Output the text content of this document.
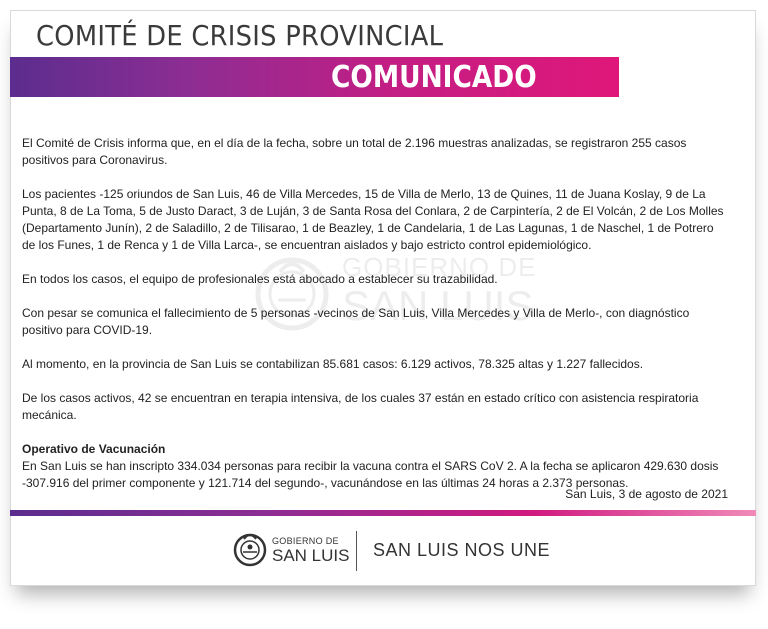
COMITÉ DE CRISIS PROVINCIAL
COMUNICADO
GOBIERNO DE
SAN LUIS

El Comité de Crisis informa que, en el día de la fecha, sobre un total de 2.196 muestras analizadas, se registraron 255 casos positivos para Coronavirus.

Los pacientes -125 oriundos de San Luis, 46 de Villa Mercedes, 15 de Villa de Merlo, 13 de Quines, 11 de Juana Koslay, 9 de La Punta, 8 de La Toma, 5 de Justo Daract, 3 de Luján, 3 de Santa Rosa del Conlara, 2 de Carpintería, 2 de El Volcán, 2 de Los Molles (Departamento Junín), 2 de Saladillo, 2 de Tilisarao, 1 de Beazley, 1 de Candelaria, 1 de Las Lagunas, 1 de Naschel, 1 de Potrero de los Funes, 1 de Renca y 1 de Villa Larca-, se encuentran aislados y bajo estricto control epidemiológico.

En todos los casos, el equipo de profesionales está abocado a establecer su trazabilidad.

Con pesar se comunica el fallecimiento de 5 personas -vecinos de San Luis, Villa Mercedes y Villa de Merlo-, con diagnóstico positivo para COVID-19.

Al momento, en la provincia de San Luis se contabilizan 85.681 casos: 6.129 activos, 78.325 altas y 1.227 fallecidos.

De los casos activos, 42 se encuentran en terapia intensiva, de los cuales 37 están en estado crítico con asistencia respiratoria mecánica.

Operativo de Vacunación

En San Luis se han inscripto 334.034 personas para recibir la vacuna contra el SARS CoV 2. A la fecha se aplicaron 429.630 dosis -307.916 del primer componente y 121.714 del segundo-, vacunándose en las últimas 24 horas a 2.373 personas.

San Luis, 3 de agosto de 2021
GOBIERNO DE
SAN LUIS SAN LUIS NOS UNE
